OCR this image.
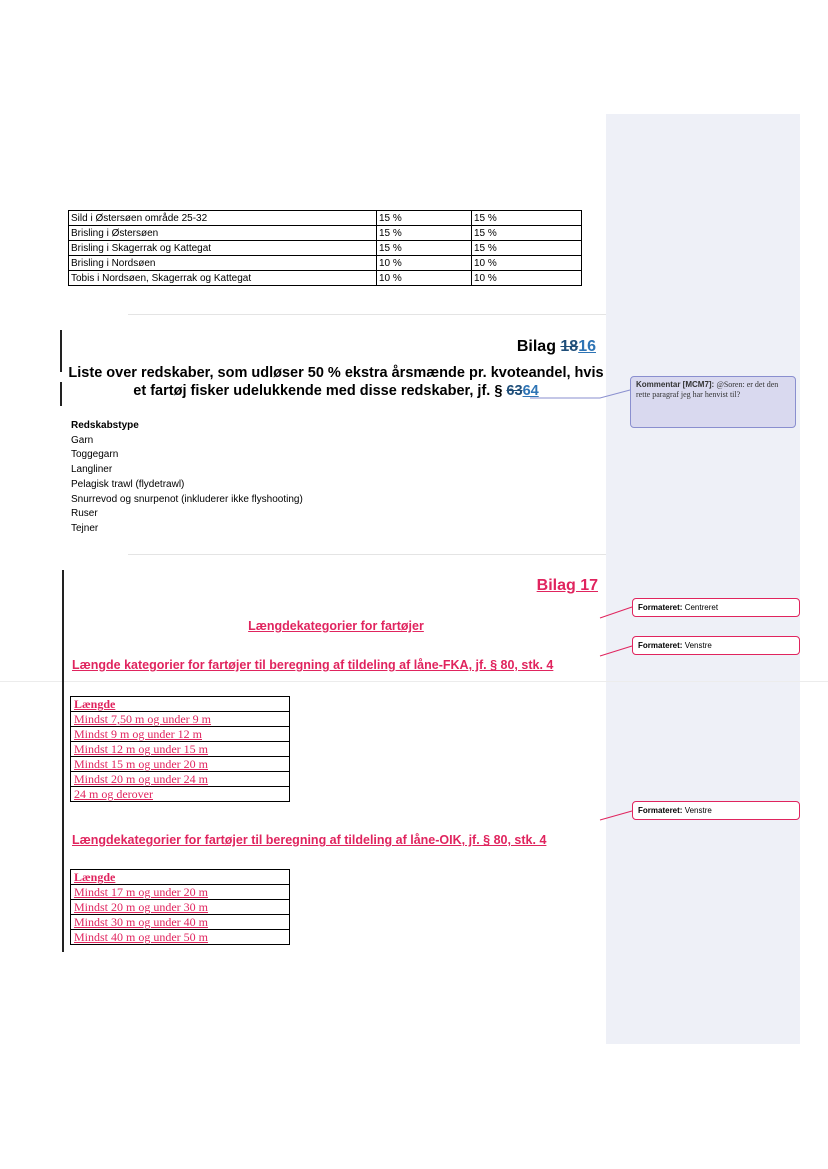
Sild i Østersøen område 25-32	15 %	15 %
Brisling i Østersøen	15 %	15 %
Brisling i Skagerrak og Kattegat	15 %	15 %
Brisling i Nordsøen	10 %	10 %
Tobis i Nordsøen, Skagerrak og Kattegat	10 %	10 %
Bilag 1816
Liste over redskaber, som udløser 50 % ekstra årsmænde pr. kvoteandel, hvis et fartøj fisker udelukkende med disse redskaber, jf. § 6364
Redskabstype
Garn
Toggegarn
Langliner
Pelagisk trawl (flydetrawl)
Snurrevod og snurpenot (inkluderer ikke flyshooting)
Ruser
Tejner
Bilag 17
Længdekategorier for fartøjer
Længde kategorier for fartøjer til beregning af tildeling af låne-FKA, jf. § 80, stk. 4
Længde
Mindst 7,50 m og under 9 m
Mindst 9 m og under 12 m
Mindst 12 m og under 15 m
Mindst 15 m og under 20 m
Mindst 20 m og under 24 m
24 m og derover
Længdekategorier for fartøjer til beregning af tildeling af låne-OIK, jf. § 80, stk. 4
Længde
Mindst 17 m og under 20 m
Mindst 20 m og under 30 m
Mindst 30 m og under 40 m
Mindst 40 m og under 50 m
Kommentar [MCM7]: @Soren: er det den rette paragraf jeg har henvist til?
Formateret: Centreret
Formateret: Venstre
Formateret: Venstre
